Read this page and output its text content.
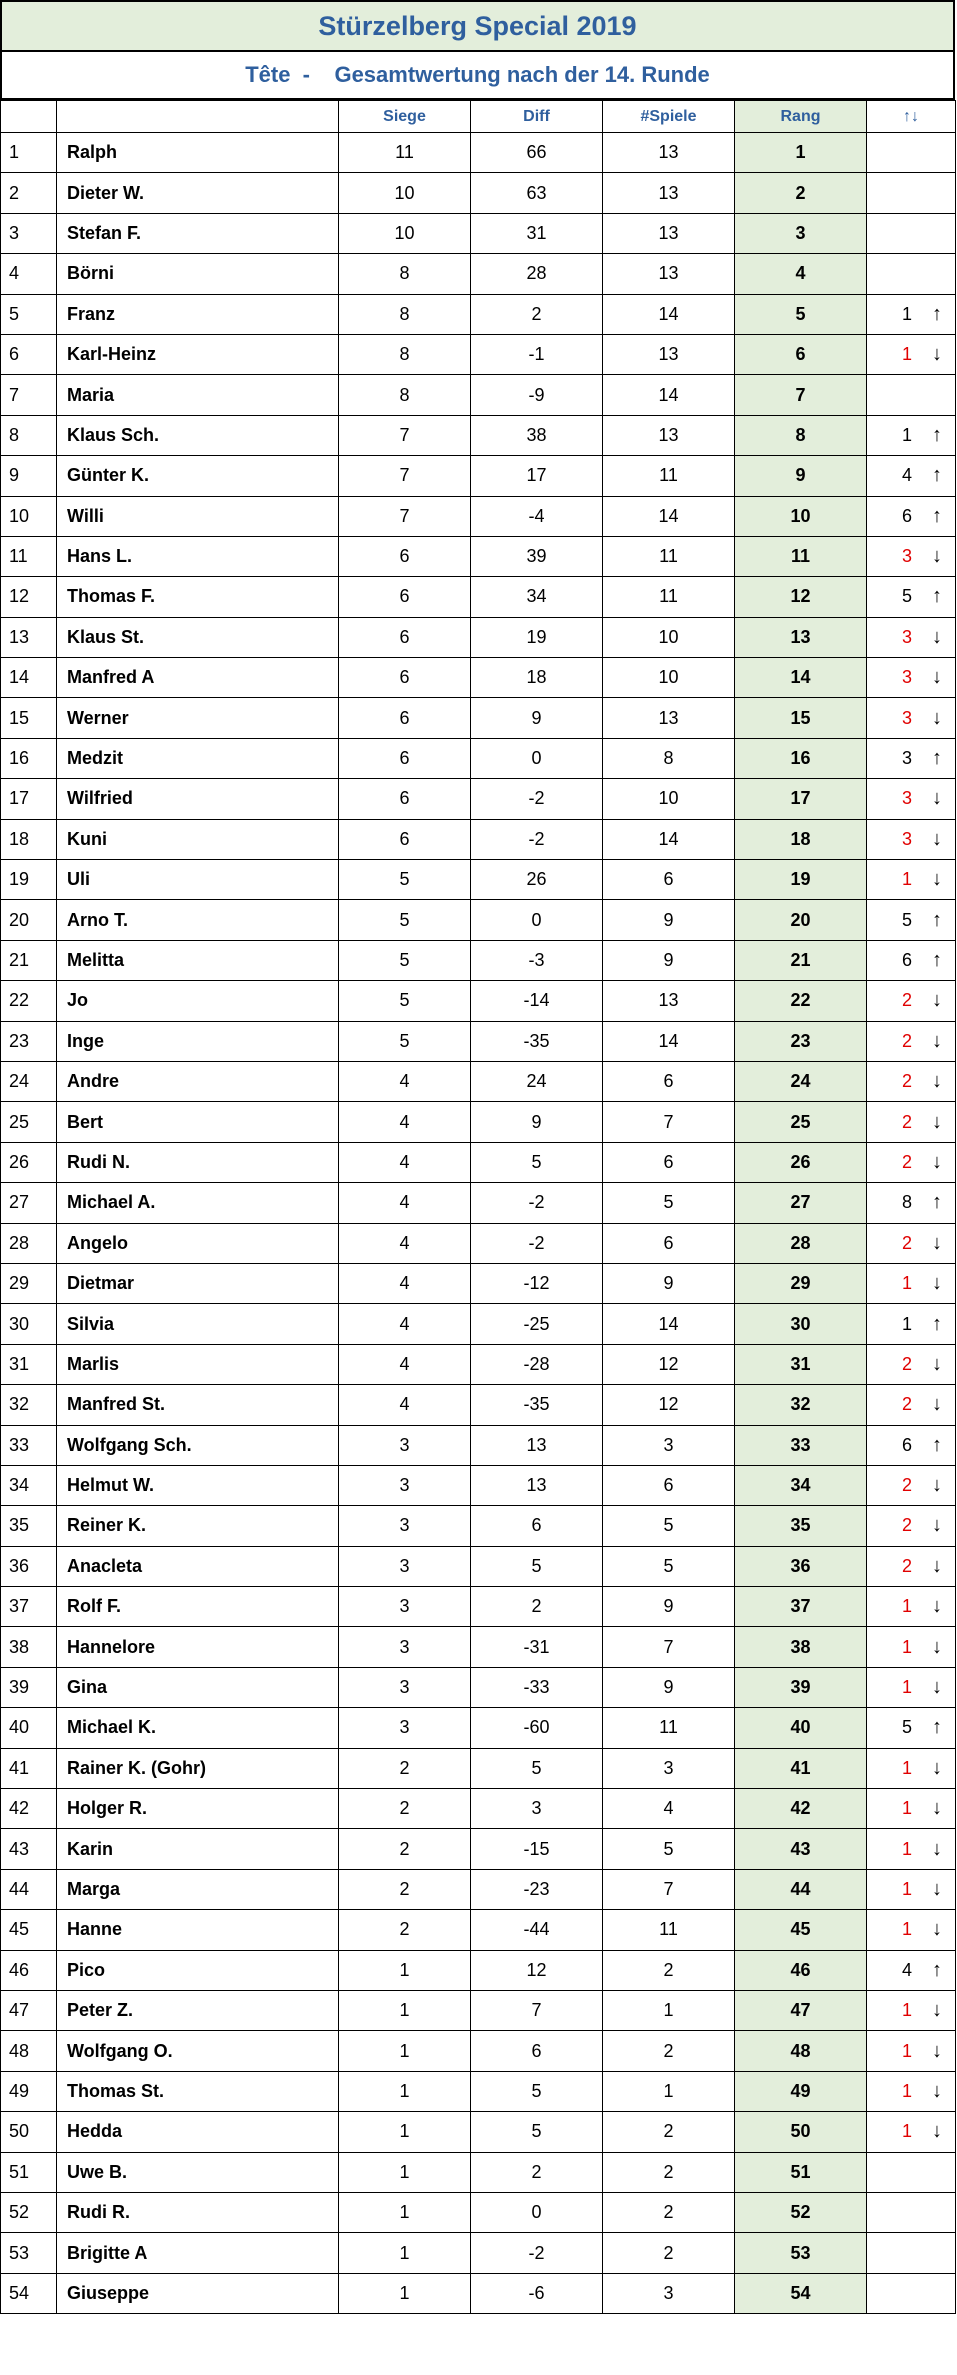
Stürzelberg Special 2019
Tête  -    Gesamtwertung nach der 14. Runde
		Siege	Diff	#Spiele	Rang	↑↓
1	Ralph	11	66	13	1	
2	Dieter W.	10	63	13	2	
3	Stefan F.	10	31	13	3	
4	Börni	8	28	13	4	
5	Franz	8	2	14	5	1 ↑
6	Karl-Heinz	8	-1	13	6	1 ↓
7	Maria	8	-9	14	7	
8	Klaus Sch.	7	38	13	8	1 ↑
9	Günter K.	7	17	11	9	4 ↑
10	Willi	7	-4	14	10	6 ↑
11	Hans L.	6	39	11	11	3 ↓
12	Thomas F.	6	34	11	12	5 ↑
13	Klaus St.	6	19	10	13	3 ↓
14	Manfred A	6	18	10	14	3 ↓
15	Werner	6	9	13	15	3 ↓
16	Medzit	6	0	8	16	3 ↑
17	Wilfried	6	-2	10	17	3 ↓
18	Kuni	6	-2	14	18	3 ↓
19	Uli	5	26	6	19	1 ↓
20	Arno T.	5	0	9	20	5 ↑
21	Melitta	5	-3	9	21	6 ↑
22	Jo	5	-14	13	22	2 ↓
23	Inge	5	-35	14	23	2 ↓
24	Andre	4	24	6	24	2 ↓
25	Bert	4	9	7	25	2 ↓
26	Rudi N.	4	5	6	26	2 ↓
27	Michael A.	4	-2	5	27	8 ↑
28	Angelo	4	-2	6	28	2 ↓
29	Dietmar	4	-12	9	29	1 ↓
30	Silvia	4	-25	14	30	1 ↑
31	Marlis	4	-28	12	31	2 ↓
32	Manfred St.	4	-35	12	32	2 ↓
33	Wolfgang Sch.	3	13	3	33	6 ↑
34	Helmut W.	3	13	6	34	2 ↓
35	Reiner K.	3	6	5	35	2 ↓
36	Anacleta	3	5	5	36	2 ↓
37	Rolf F.	3	2	9	37	1 ↓
38	Hannelore	3	-31	7	38	1 ↓
39	Gina	3	-33	9	39	1 ↓
40	Michael K.	3	-60	11	40	5 ↑
41	Rainer K. (Gohr)	2	5	3	41	1 ↓
42	Holger R.	2	3	4	42	1 ↓
43	Karin	2	-15	5	43	1 ↓
44	Marga	2	-23	7	44	1 ↓
45	Hanne	2	-44	11	45	1 ↓
46	Pico	1	12	2	46	4 ↑
47	Peter Z.	1	7	1	47	1 ↓
48	Wolfgang O.	1	6	2	48	1 ↓
49	Thomas St.	1	5	1	49	1 ↓
50	Hedda	1	5	2	50	1 ↓
51	Uwe B.	1	2	2	51	
52	Rudi R.	1	0	2	52	
53	Brigitte A	1	-2	2	53	
54	Giuseppe	1	-6	3	54	
